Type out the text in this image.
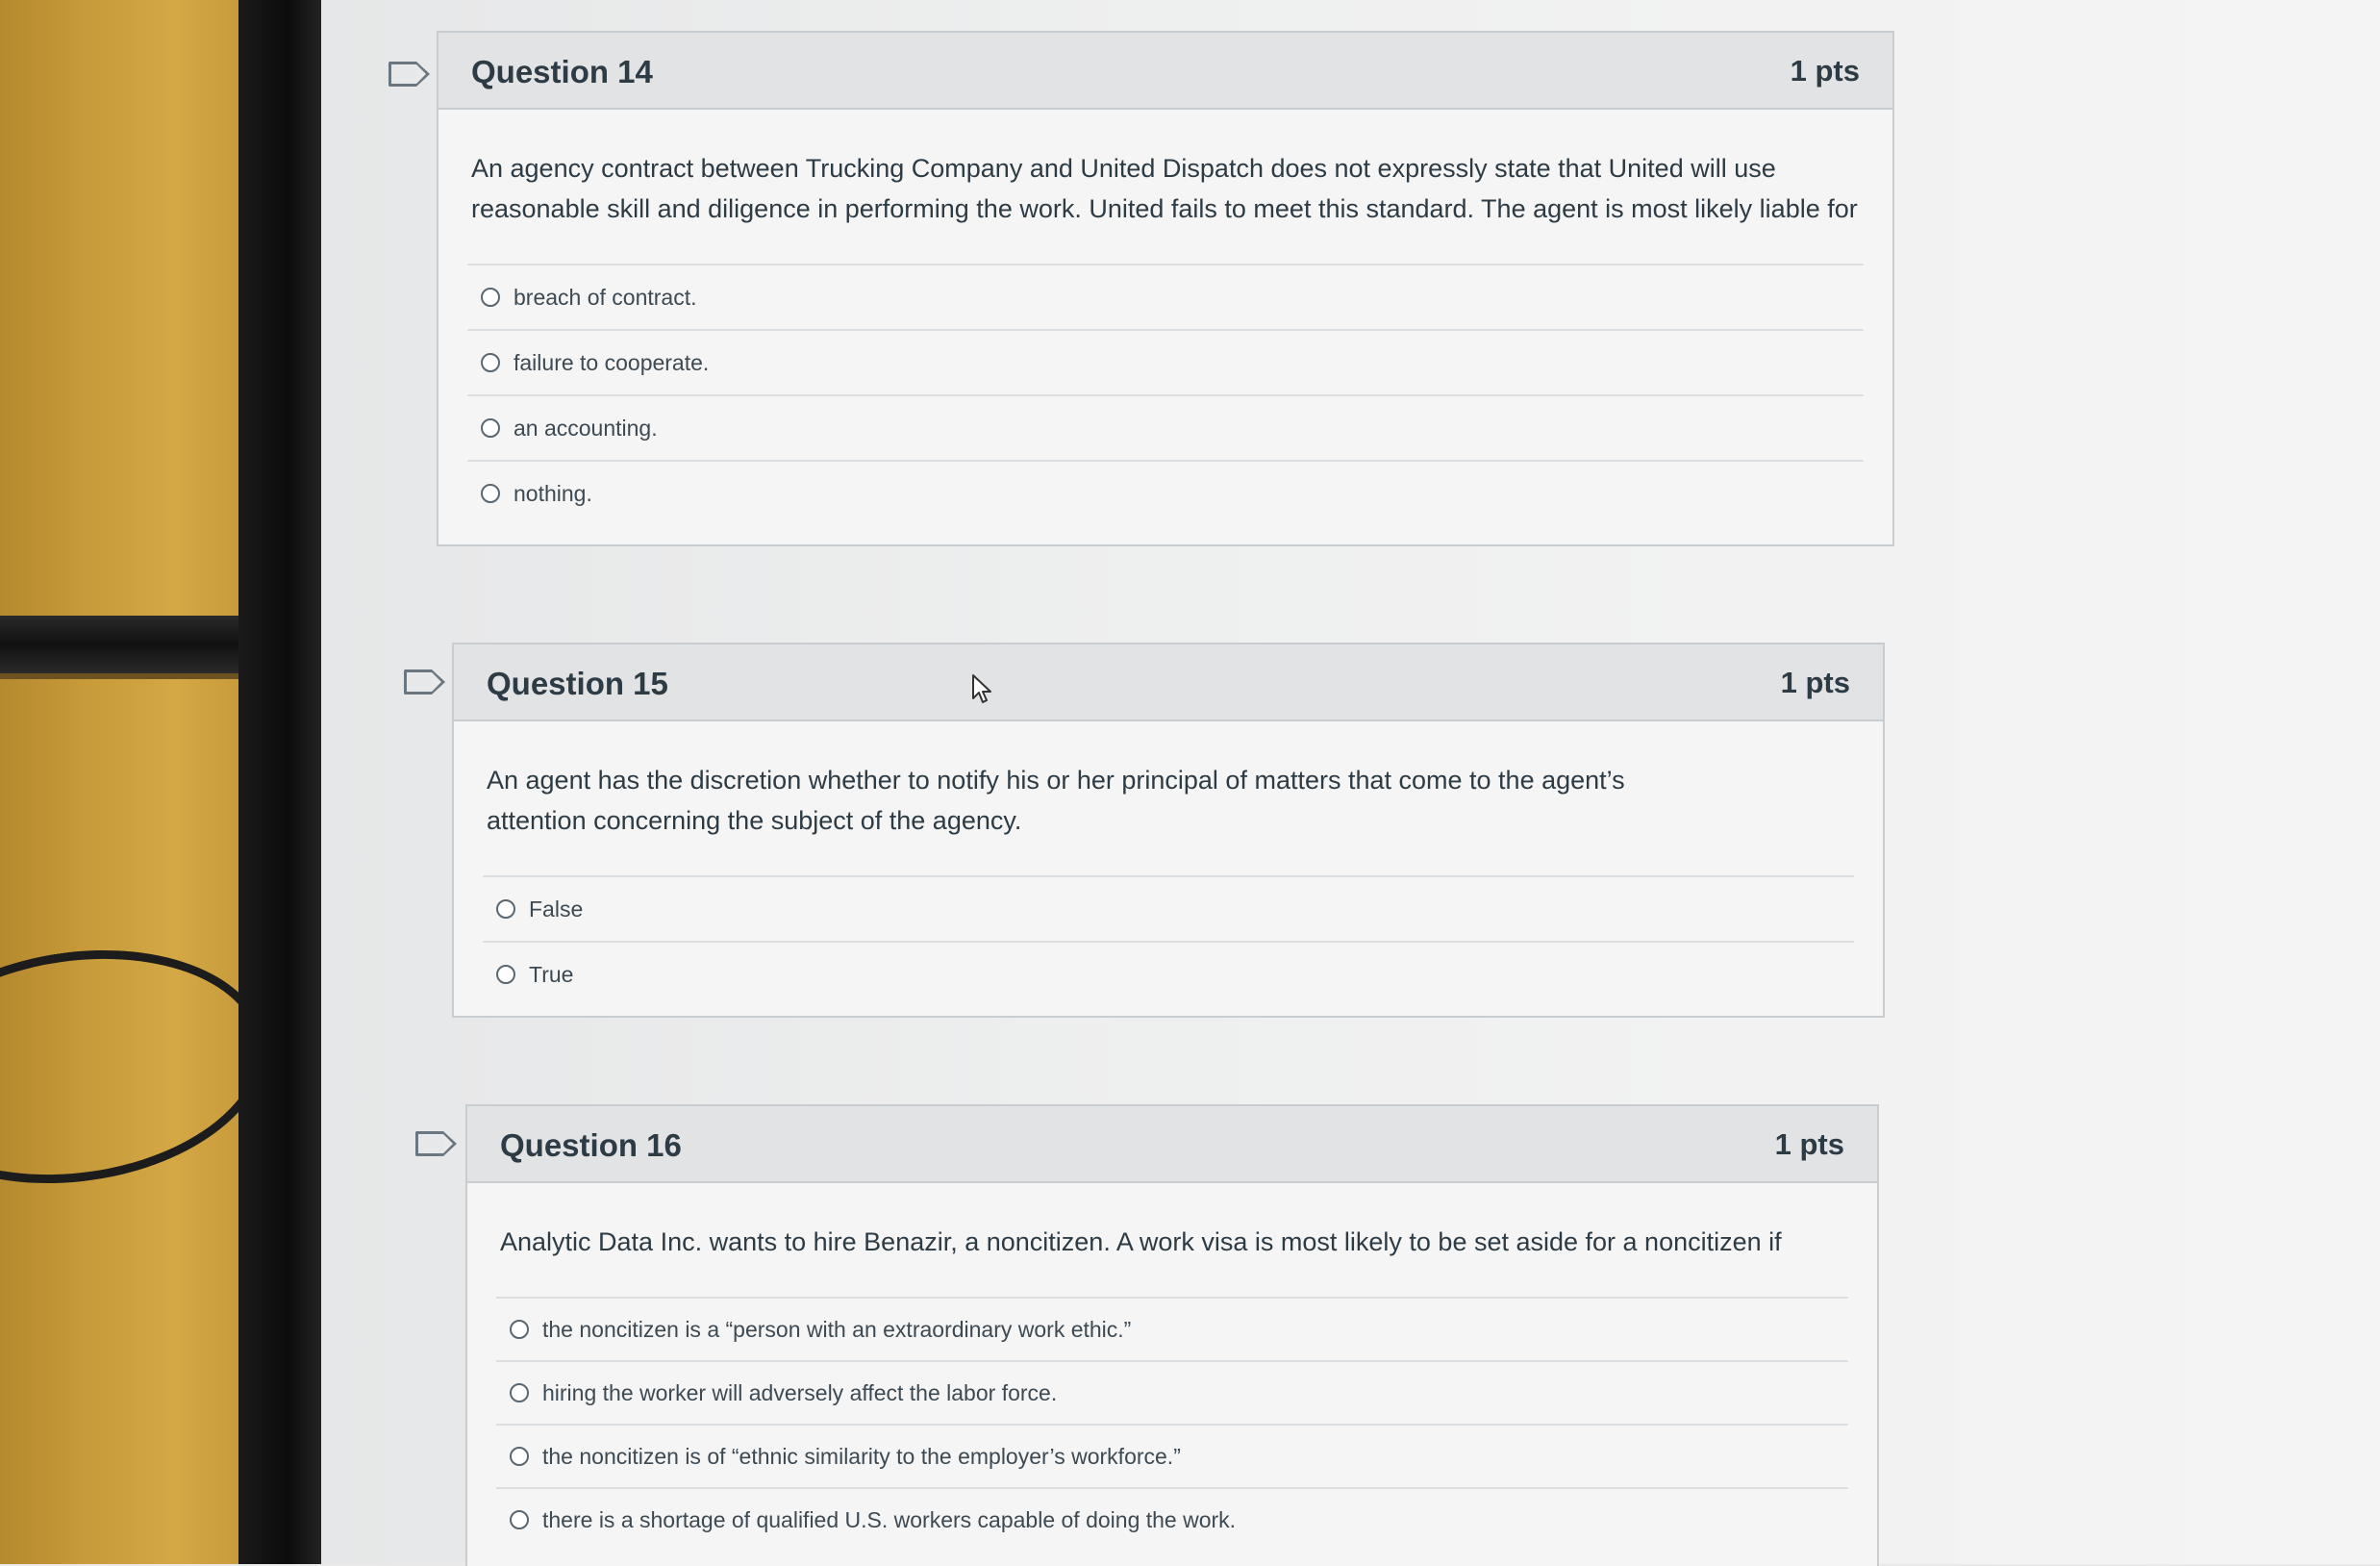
Question 14	1 pts
An agency contract between Trucking Company and United Dispatch does not expressly state that United will use reasonable skill and diligence in performing the work. United fails to meet this standard. The agent is most likely liable for
breach of contract.
failure to cooperate.
an accounting.
nothing.
Question 15	1 pts
An agent has the discretion whether to notify his or her principal of matters that come to the agent’s attention concerning the subject of the agency.
False
True
Question 16	1 pts
Analytic Data Inc. wants to hire Benazir, a noncitizen. A work visa is most likely to be set aside for a noncitizen if
the noncitizen is a “person with an extraordinary work ethic.”
hiring the worker will adversely affect the labor force.
the noncitizen is of “ethnic similarity to the employer’s workforce.”
there is a shortage of qualified U.S. workers capable of doing the work.
